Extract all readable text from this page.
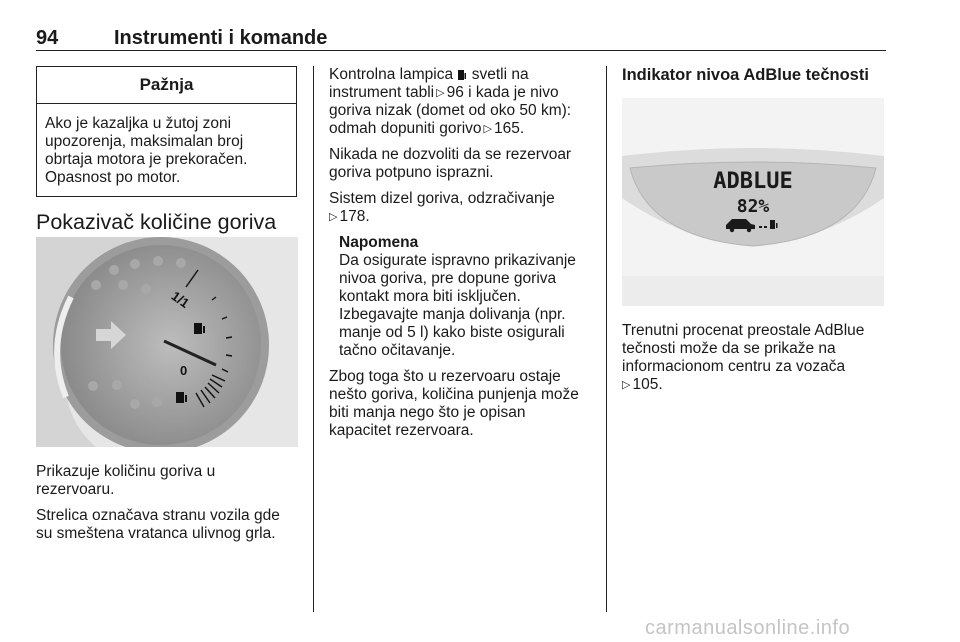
94	Instrumenti i komande
Pažnja
Ako je kazaljka u žutoj zoni
upozorenja, maksimalan broj
obrtaja motora je prekoračen.
Opasnost po motor.
Pokazivač količine goriva
1/1
0

Prikazuje količinu goriva u
rezervoaru.

Strelica označava stranu vozila gde
su smeštena vratanca ulivnog grla.

Kontrolna lampica svetli na
instrument tabli ▷ 96 i kada je nivo
goriva nizak (domet od oko 50 km):
odmah dopuniti gorivo ▷ 165.

Nikada ne dozvoliti da se rezervoar
goriva potpuno isprazni.

Sistem dizel goriva, odzračivanje
▷ 178.

Napomena
Da osigurate ispravno prikazivanje
nivoa goriva, pre dopune goriva
kontakt mora biti isključen.
Izbegavajte manja dolivanja (npr.
manje od 5 l) kako biste osigurali
tačno očitavanje.

Zbog toga što u rezervoaru ostaje
nešto goriva, količina punjenja može
biti manja nego što je opisan
kapacitet rezervoara.

Indikator nivoa AdBlue tečnosti
ADBLUE
82%

Trenutni procenat preostale AdBlue
tečnosti može da se prikaže na
informacionom centru za vozača
▷ 105.

carmanualsonline.info
